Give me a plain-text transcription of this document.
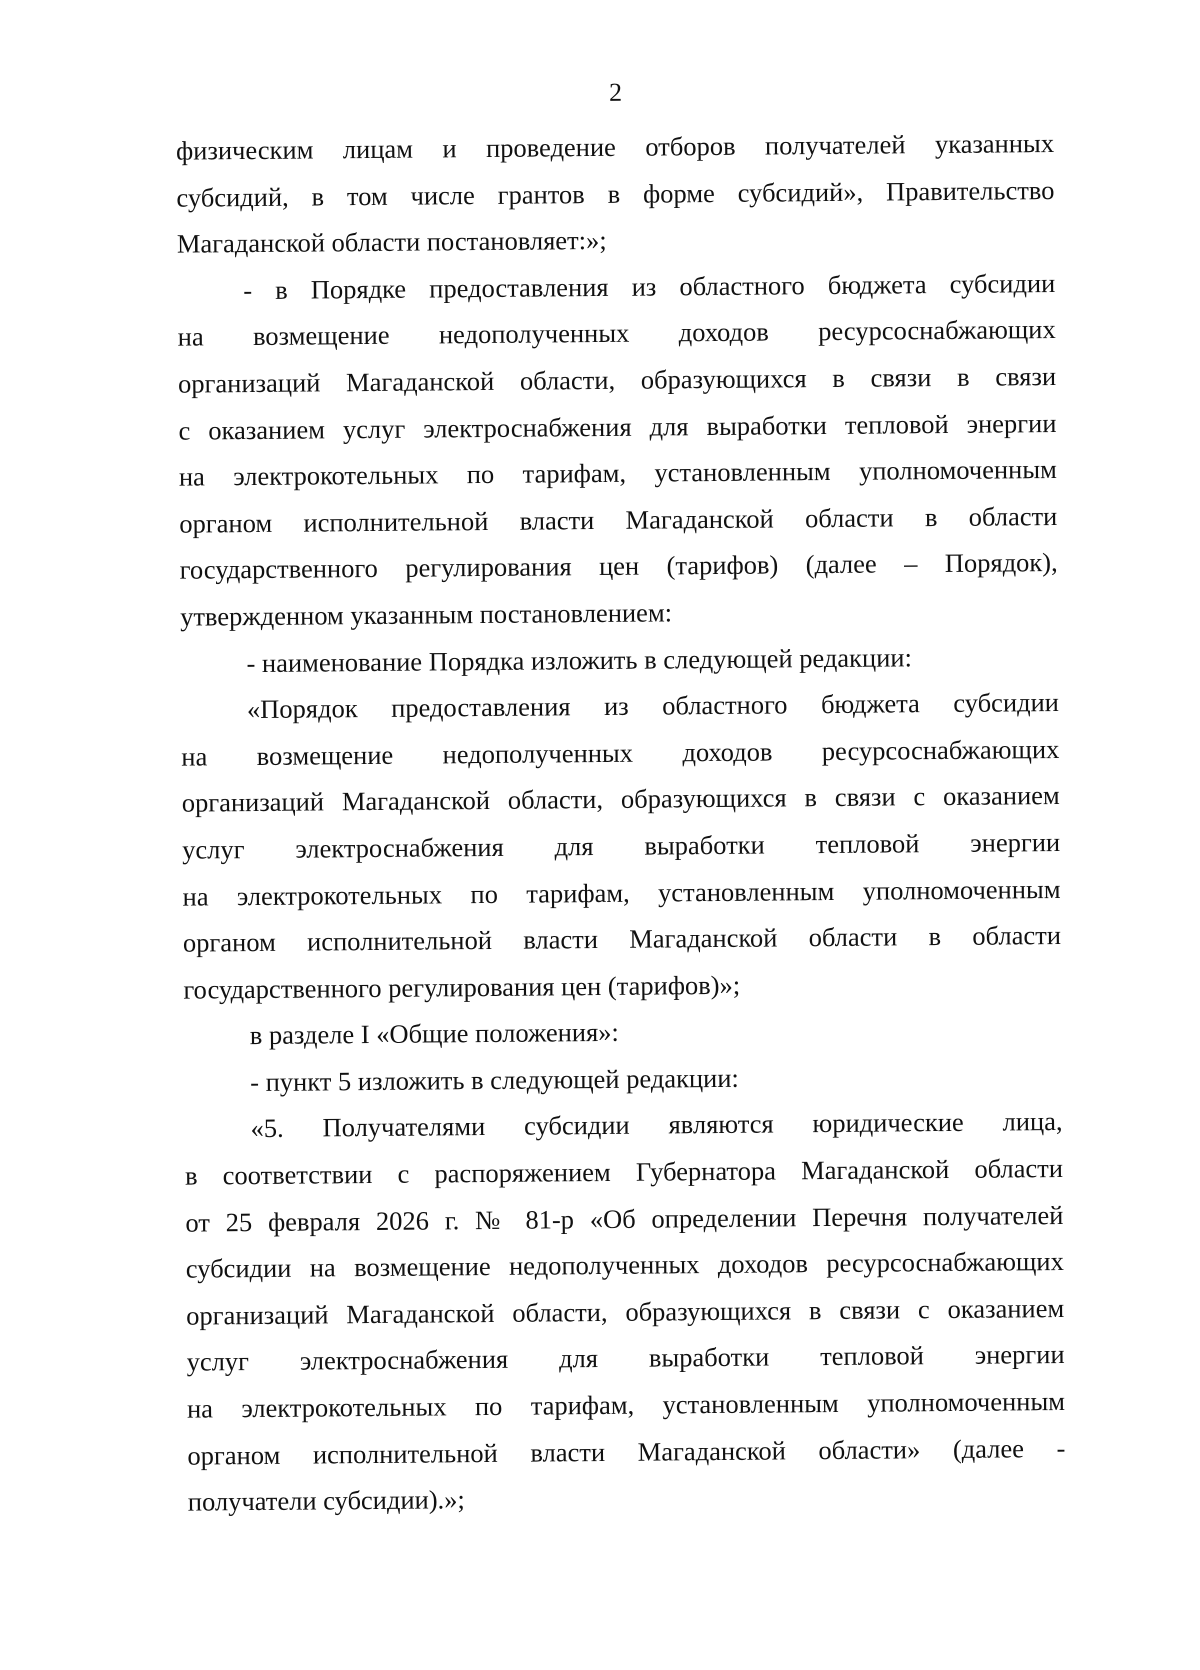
2
физическим лицам и проведение отборов получателей указанных
субсидий, в том числе грантов в форме субсидий», Правительство
Магаданской области постановляет:»;
- в Порядке предоставления из областного бюджета субсидии
на возмещение недополученных доходов ресурсоснабжающих
организаций Магаданской области, образующихся в связи в связи
с оказанием услуг электроснабжения для выработки тепловой энергии
на электрокотельных по тарифам, установленным уполномоченным
органом исполнительной власти Магаданской области в области
государственного регулирования цен (тарифов) (далее – Порядок),
утвержденном указанным постановлением:
- наименование Порядка изложить в следующей редакции:
«Порядок предоставления из областного бюджета субсидии
на возмещение недополученных доходов ресурсоснабжающих
организаций Магаданской области, образующихся в связи с оказанием
услуг электроснабжения для выработки тепловой энергии
на электрокотельных по тарифам, установленным уполномоченным
органом исполнительной власти Магаданской области в области
государственного регулирования цен (тарифов)»;
в разделе I «Общие положения»:
- пункт 5 изложить в следующей редакции:
«5. Получателями субсидии являются юридические лица,
в соответствии с распоряжением Губернатора Магаданской области
от 25 февраля 2026 г. № 81-р «Об определении Перечня получателей
субсидии на возмещение недополученных доходов ресурсоснабжающих
организаций Магаданской области, образующихся в связи с оказанием
услуг электроснабжения для выработки тепловой энергии
на электрокотельных по тарифам, установленным уполномоченным
органом исполнительной власти Магаданской области» (далее -
получатели субсидии).»;
